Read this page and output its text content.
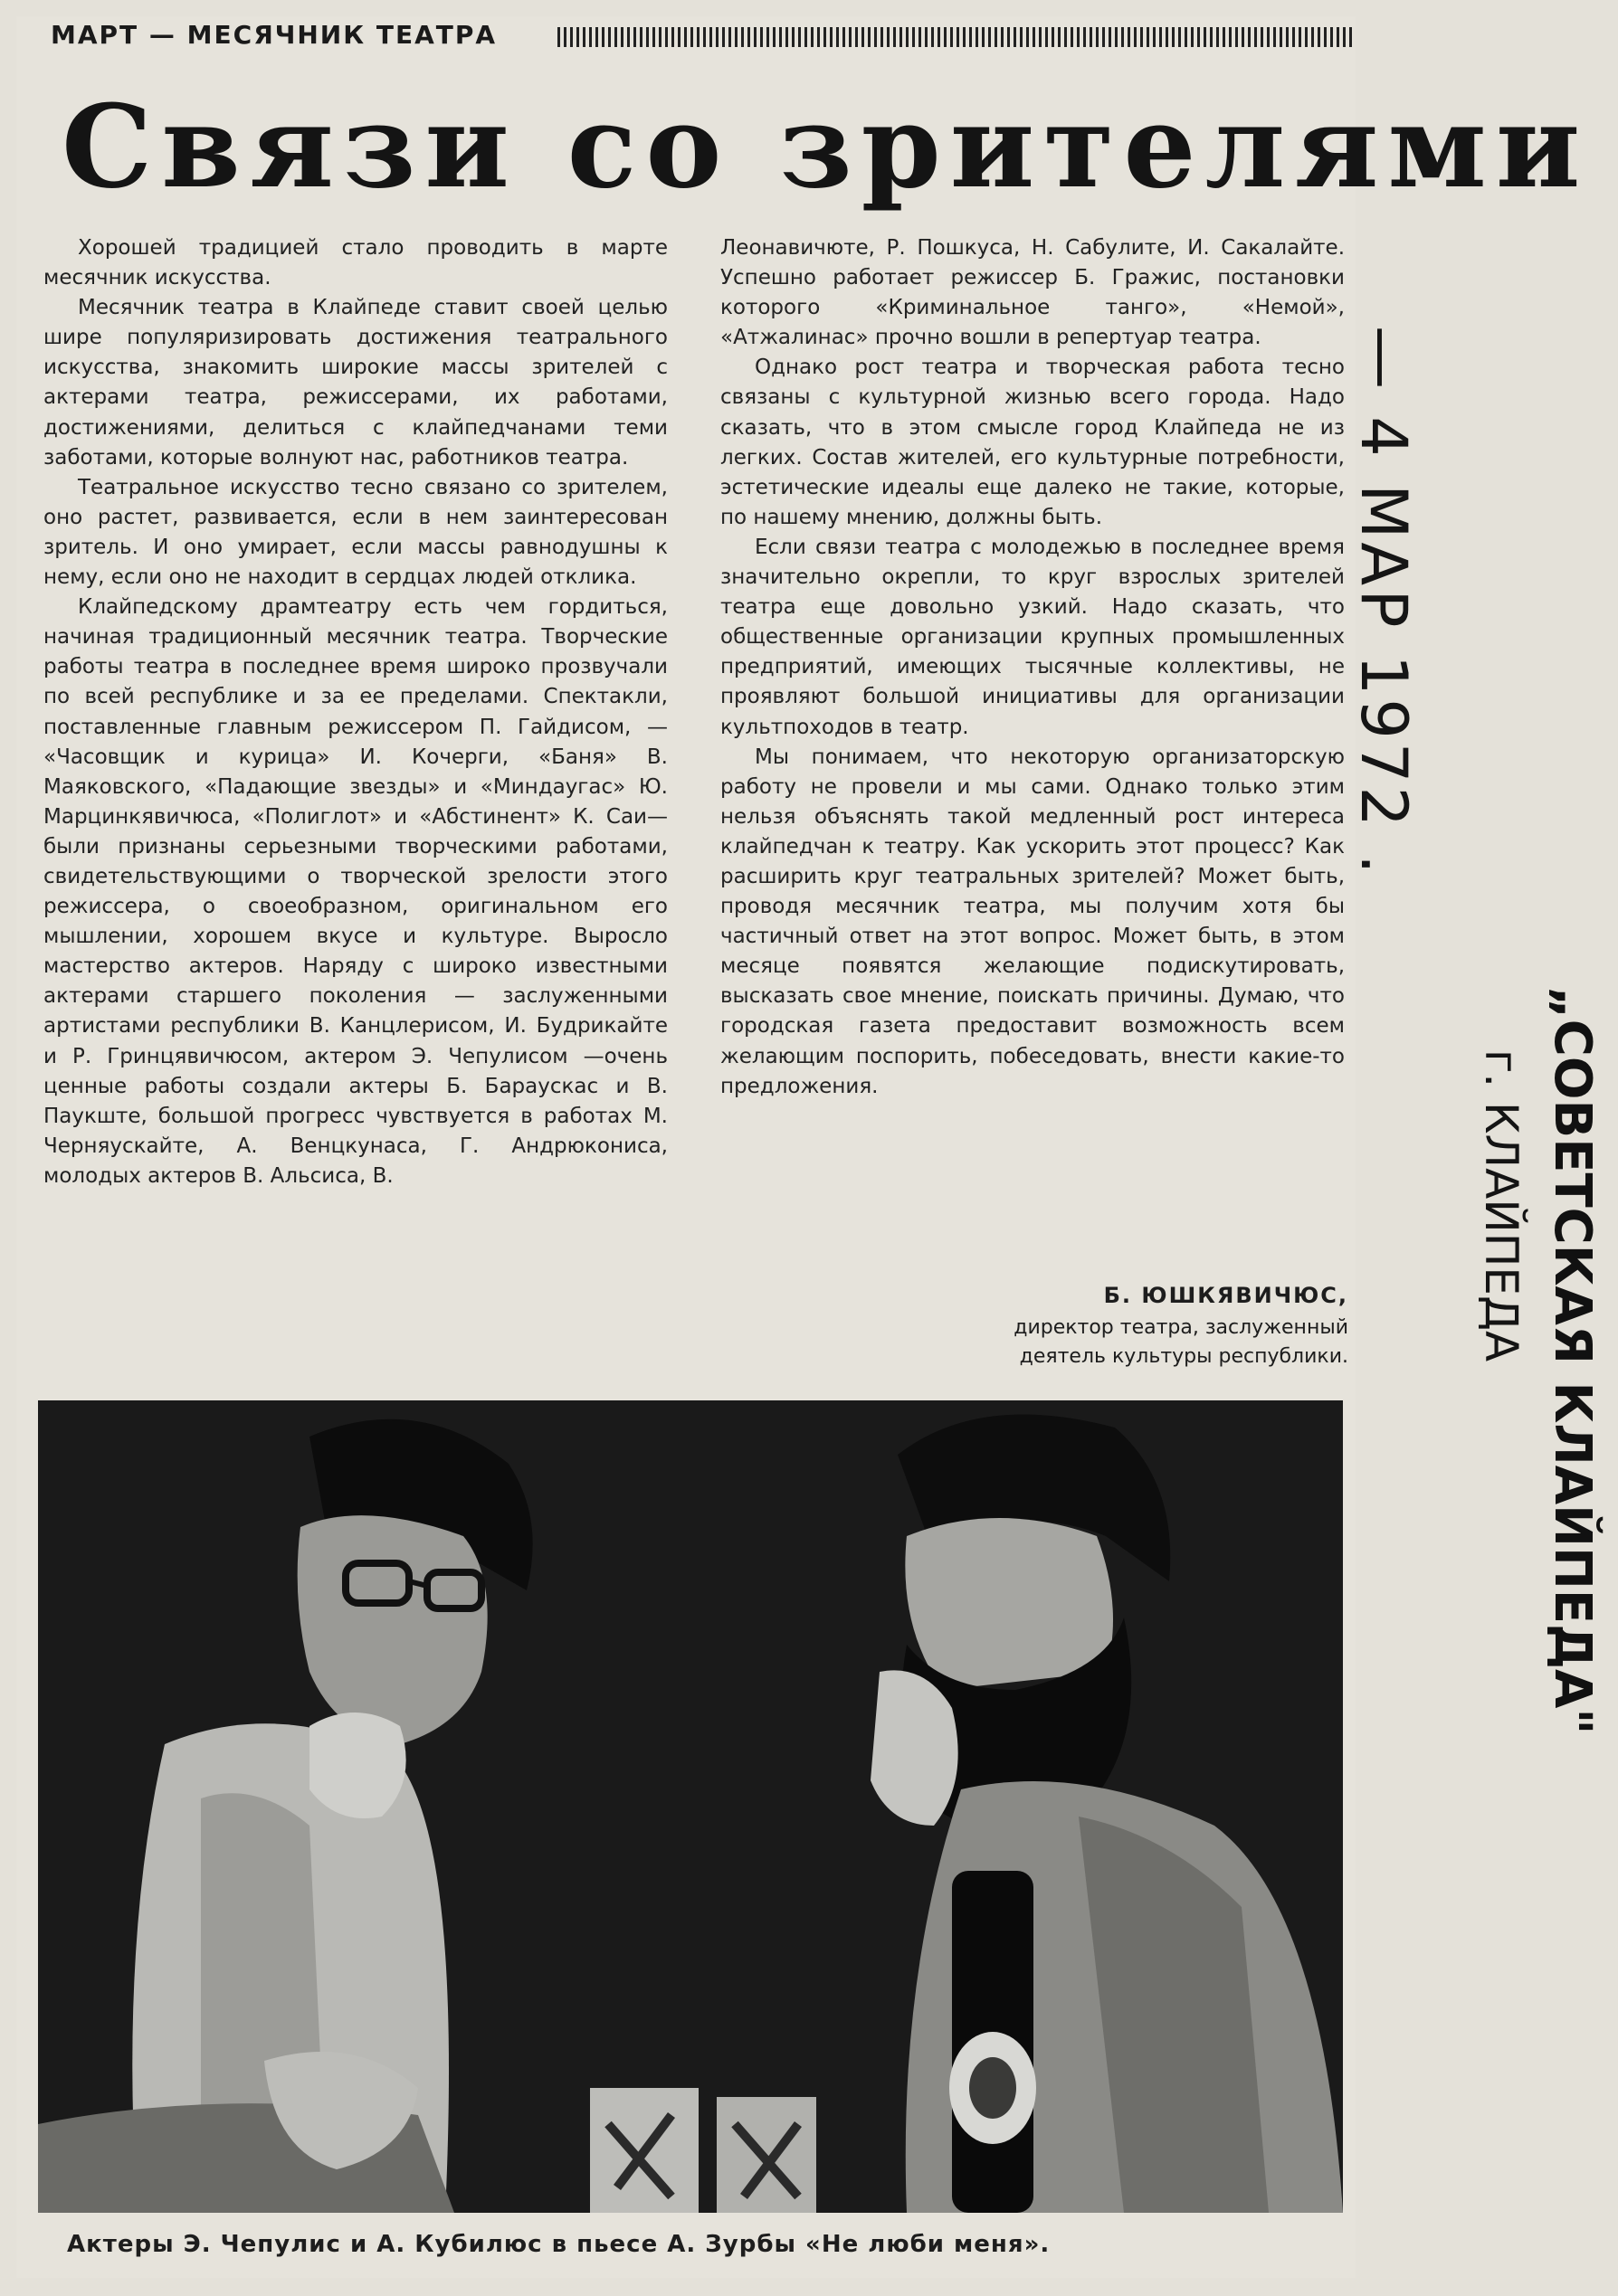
МАРТ — МЕСЯЧНИК ТЕАТРА
Связи со зрителями

Хорошей традицией стало проводить в марте месячник искусства.

Месячник театра в Клайпеде ставит своей целью шире популяризировать достижения театрального искусства, знакомить широкие массы зрителей с актерами театра, режиссерами, их работами, достижениями, делиться с клайпедчанами теми заботами, которые волнуют нас, работников театра.

Театральное искусство тесно связано со зрителем, оно растет, развивается, если в нем заинтересован зритель. И оно умирает, если массы равнодушны к нему, если оно не находит в сердцах людей отклика.

Клайпедскому драмтеатру есть чем гордиться, начиная традиционный месячник театра. Творческие работы театра в последнее время широко прозвучали по всей республике и за ее пределами. Спектакли, поставленные главным режиссером П. Гайдисом, — «Часовщик и курица» И. Кочерги, «Баня» В. Маяковского, «Падающие звезды» и «Миндаугас» Ю. Марцинкявичюса, «Полиглот» и «Абстинент» К. Саи—были признаны серьезными творческими работами, свидетельствующими о творческой зрелости этого режиссера, о своеобразном, оригинальном его мышлении, хорошем вкусе и культуре. Выросло мастерство актеров. Наряду с широко известными актерами старшего поколения — заслуженными артистами республики В. Канцлерисом, И. Будрикайте и Р. Гринцявичюсом, актером Э. Чепулисом —очень ценные работы создали актеры Б. Бараускас и В. Паукште, большой прогресс чувствуется в работах М. Черняускайте, А. Венцкунаса, Г. Андрюкониса, молодых актеров В. Альсиса, В.

Леонавичюте, Р. Пошкуса, Н. Сабулите, И. Сакалайте. Успешно работает режиссер Б. Гражис, постановки которого «Криминальное танго», «Немой», «Атжалинас» прочно вошли в репертуар театра.

Однако рост театра и творческая работа тесно связаны с культурной жизнью всего города. Надо сказать, что в этом смысле город Клайпеда не из легких. Состав жителей, его культурные потребности, эстетические идеалы еще далеко не такие, которые, по нашему мнению, должны быть.

Если связи театра с молодежью в последнее время значительно окрепли, то круг взрослых зрителей театра еще довольно узкий. Надо сказать, что общественные организации крупных промышленных предприятий, имеющих тысячные коллективы, не проявляют большой инициативы для организации культпоходов в театр.

Мы понимаем, что некоторую организаторскую работу не провели и мы сами. Однако только этим нельзя объяснять такой медленный рост интереса клайпедчан к театру. Как ускорить этот процесс? Как расширить круг театральных зрителей? Может быть, проводя месячник театра, мы получим хотя бы частичный ответ на этот вопрос. Может быть, в этом месяце появятся желающие подискутировать, высказать свое мнение, поискать причины. Думаю, что городская газета предоставит возможность всем желающим поспорить, побеседовать, внести какие-то предложения.

Б. ЮШКЯВИЧЮС,
директор театра, заслуженный
деятель культуры республики.
— 4 МАР 1972 .
„СОВЕТСКАЯ КЛАЙПЕДА"
г. КЛАЙПЕДА
Актеры Э. Чепулис и А. Кубилюс в пьесе А. Зурбы «Не люби меня».
